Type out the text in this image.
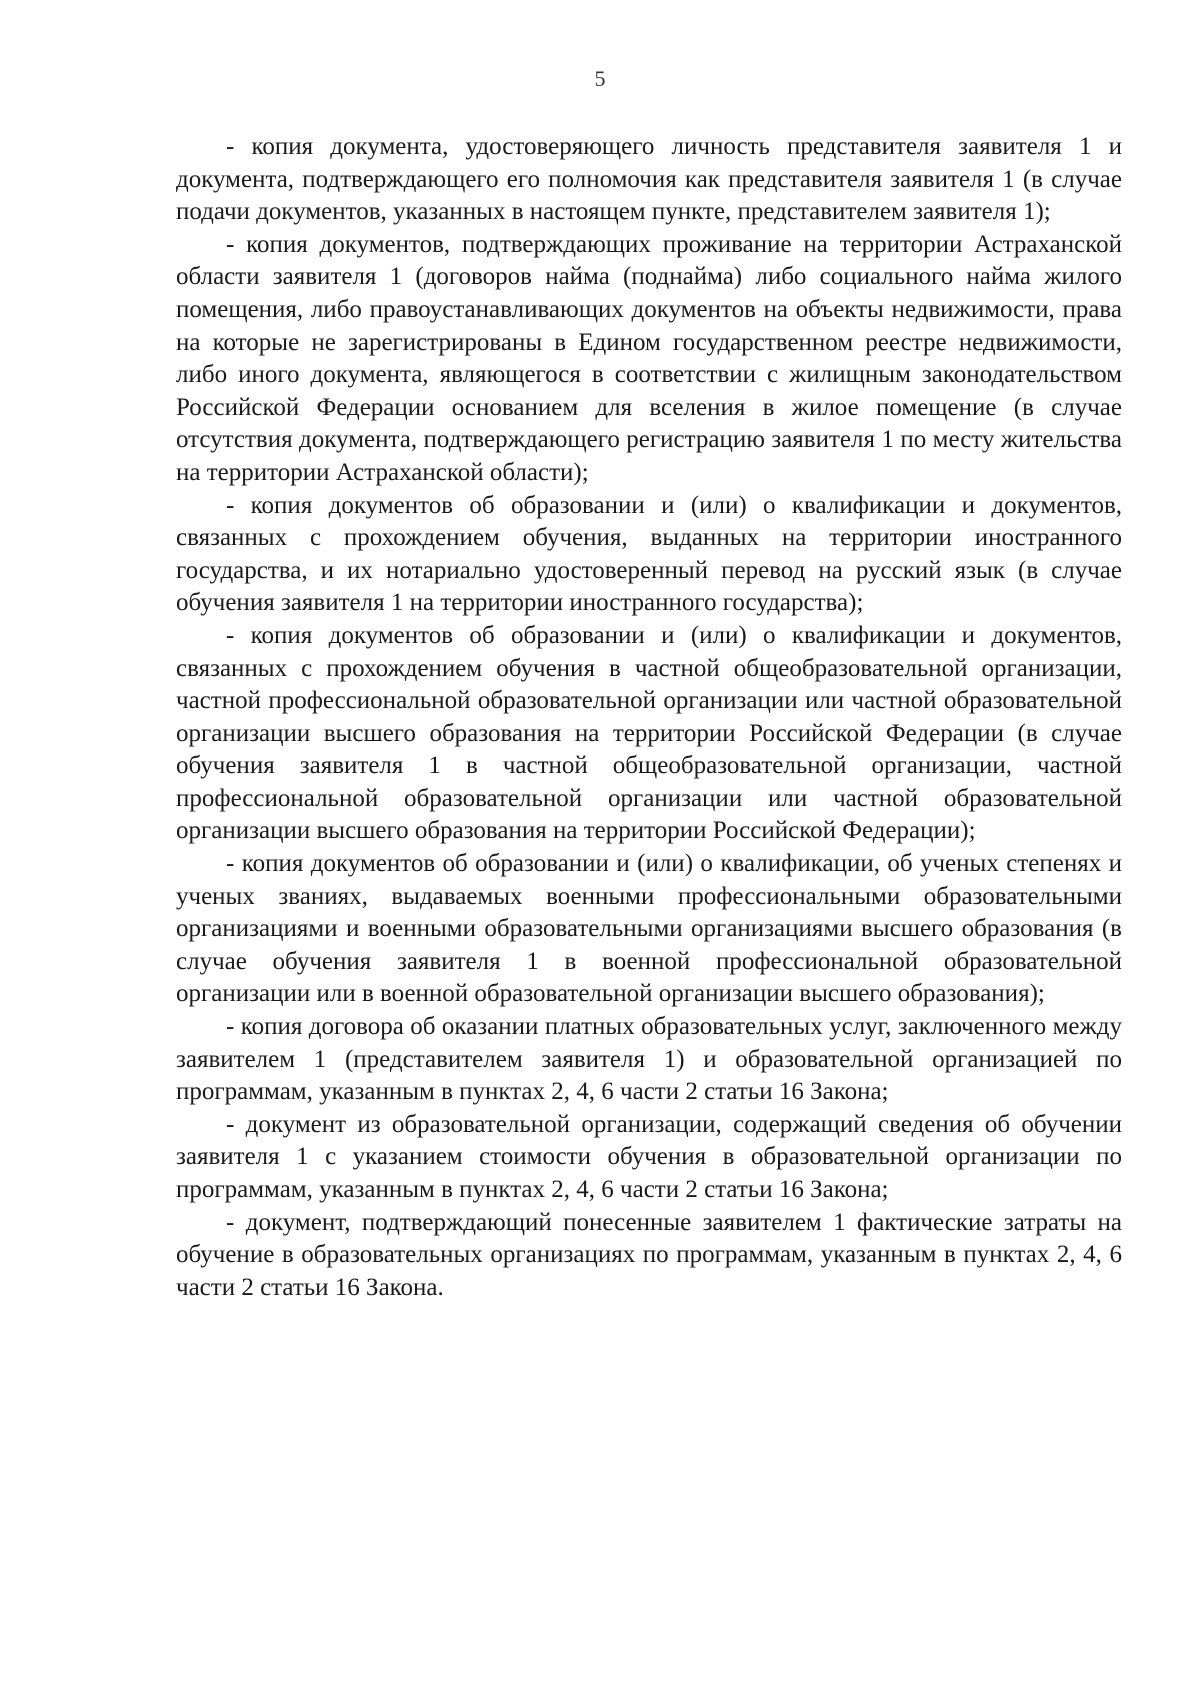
5

- копия документа, удостоверяющего личность представителя заявителя 1 и документа, подтверждающего его полномочия как представителя заявителя 1 (в случае подачи документов, указанных в настоящем пункте, представителем заявителя 1);

- копия документов, подтверждающих проживание на территории Астраханской области заявителя 1 (договоров найма (поднайма) либо социального найма жилого помещения, либо правоустанавливающих документов на объекты недвижимости, права на которые не зарегистрированы в Едином государственном реестре недвижимости, либо иного документа, являющегося в соответствии с жилищным законодательством Российской Федерации основанием для вселения в жилое помещение (в случае отсутствия документа, подтверждающего регистрацию заявителя 1 по месту жительства на территории Астраханской области);

- копия документов об образовании и (или) о квалификации и документов, связанных с прохождением обучения, выданных на территории иностранного государства, и их нотариально удостоверенный перевод на русский язык (в случае обучения заявителя 1 на территории иностранного государства);

- копия документов об образовании и (или) о квалификации и документов, связанных с прохождением обучения в частной общеобразовательной организации, частной профессиональной образовательной организации или частной образовательной организации высшего образования на территории Российской Федерации (в случае обучения заявителя 1 в частной общеобразовательной организации, частной профессиональной образовательной организации или частной образовательной организации высшего образования на территории Российской Федерации);

- копия документов об образовании и (или) о квалификации, об ученых степенях и ученых званиях, выдаваемых военными профессиональными образовательными организациями и военными образовательными организациями высшего образования (в случае обучения заявителя 1 в военной профессиональной образовательной организации или в военной образовательной организации высшего образования);

- копия договора об оказании платных образовательных услуг, заключенного между заявителем 1 (представителем заявителя 1) и образовательной организацией по программам, указанным в пунктах 2, 4, 6 части 2 статьи 16 Закона;

- документ из образовательной организации, содержащий сведения об обучении заявителя 1 с указанием стоимости обучения в образовательной организации по программам, указанным в пунктах 2, 4, 6 части 2 статьи 16 Закона;

- документ, подтверждающий понесенные заявителем 1 фактические затраты на обучение в образовательных организациях по программам, указанным в пунктах 2, 4, 6 части 2 статьи 16 Закона.
